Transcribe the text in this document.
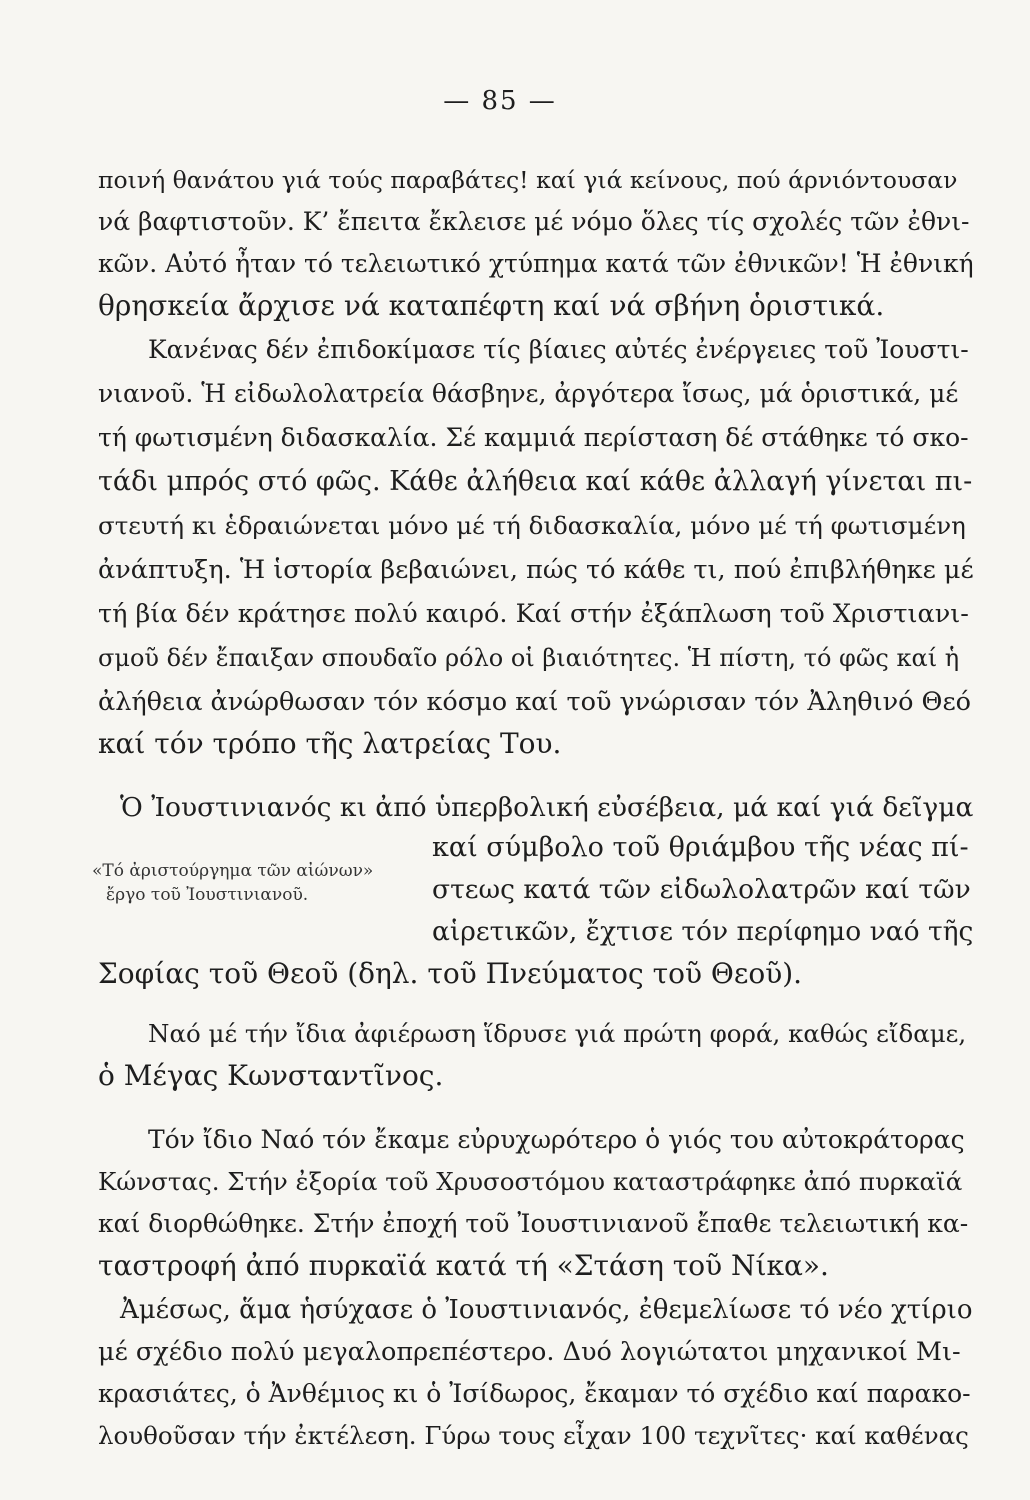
— 85 —
ποινή θανάτου γιά τούς παραβάτες! καί γιά κείνους, πού άρνιόντουσαν
νά βαφτιστοῦν. Κ’ ἔπειτα ἔκλεισε μέ νόμο ὅλες τίς σχολές τῶν ἐθνι-
κῶν. Αὐτό ἦταν τό τελειωτικό χτύπημα κατά τῶν ἐθνικῶν! Ἡ ἐθνική
θρησκεία ἄρχισε νά καταπέφτη καί νά σβήνη ὁριστικά.
Κανένας δέν ἐπιδοκίμασε τίς βίαιες αὐτές ἐνέργειες τοῦ Ἰουστι-
νιανοῦ. Ἡ εἰδωλολατρεία θάσβηνε, ἀργότερα ἴσως, μά ὁριστικά, μέ
τή φωτισμένη διδασκαλία. Σέ καμμιά περίσταση δέ στάθηκε τό σκο-
τάδι μπρός στό φῶς. Κάθε ἀλήθεια καί κάθε ἀλλαγή γίνεται πι-
στευτή κι ἑδραιώνεται μόνο μέ τή διδασκαλία, μόνο μέ τή φωτισμένη
ἀνάπτυξη. Ἡ ἱστορία βεβαιώνει, πώς τό κάθε τι, πού ἐπιβλήθηκε μέ
τή βία δέν κράτησε πολύ καιρό. Καί στήν ἐξάπλωση τοῦ Χριστιανι-
σμοῦ δέν ἔπαιξαν σπουδαῖο ρόλο οἱ βιαιότητες. Ἡ πίστη, τό φῶς καί ἡ
ἀλήθεια ἀνώρθωσαν τόν κόσμο καί τοῦ γνώρισαν τόν Ἀληθινό Θεό
καί τόν τρόπο τῆς λατρείας Του.
Ὁ Ἰουστινιανός κι ἀπό ὑπερβολική εὐσέβεια, μά καί γιά δεῖγμα
καί σύμβολο τοῦ θριάμβου τῆς νέας πί-
στεως κατά τῶν εἰδωλολατρῶν καί τῶν
αἱρετικῶν, ἔχτισε τόν περίφημο ναό τῆς
«Τό ἀριστούργημα τῶν αἰώνων»
ἔργο τοῦ Ἰουστινιανοῦ.
Σοφίας τοῦ Θεοῦ (δηλ. τοῦ Πνεύματος τοῦ Θεοῦ).
Ναό μέ τήν ἴδια ἀφιέρωση ἵδρυσε γιά πρώτη φορά, καθώς εἴδαμε,
ὁ Μέγας Κωνσταντῖνος.
Τόν ἴδιο Ναό τόν ἔκαμε εὐρυχωρότερο ὁ γιός του αὐτοκράτορας
Κώνστας. Στήν ἐξορία τοῦ Χρυσοστόμου καταστράφηκε ἀπό πυρκαϊά
καί διορθώθηκε. Στήν ἐποχή τοῦ Ἰουστινιανοῦ ἔπαθε τελειωτική κα-
ταστροφή ἀπό πυρκαϊά κατά τή «Στάση τοῦ Νίκα».
Ἀμέσως, ἅμα ἡσύχασε ὁ Ἰουστινιανός, ἐθεμελίωσε τό νέο χτίριο
μέ σχέδιο πολύ μεγαλοπρεπέστερο. Δυό λογιώτατοι μηχανικοί Μι-
κρασιάτες, ὁ Ἀνθέμιος κι ὁ Ἰσίδωρος, ἔκαμαν τό σχέδιο καί παρακο-
λουθοῦσαν τήν ἐκτέλεση. Γύρω τους εἶχαν 100 τεχνῖτες· καί καθένας
